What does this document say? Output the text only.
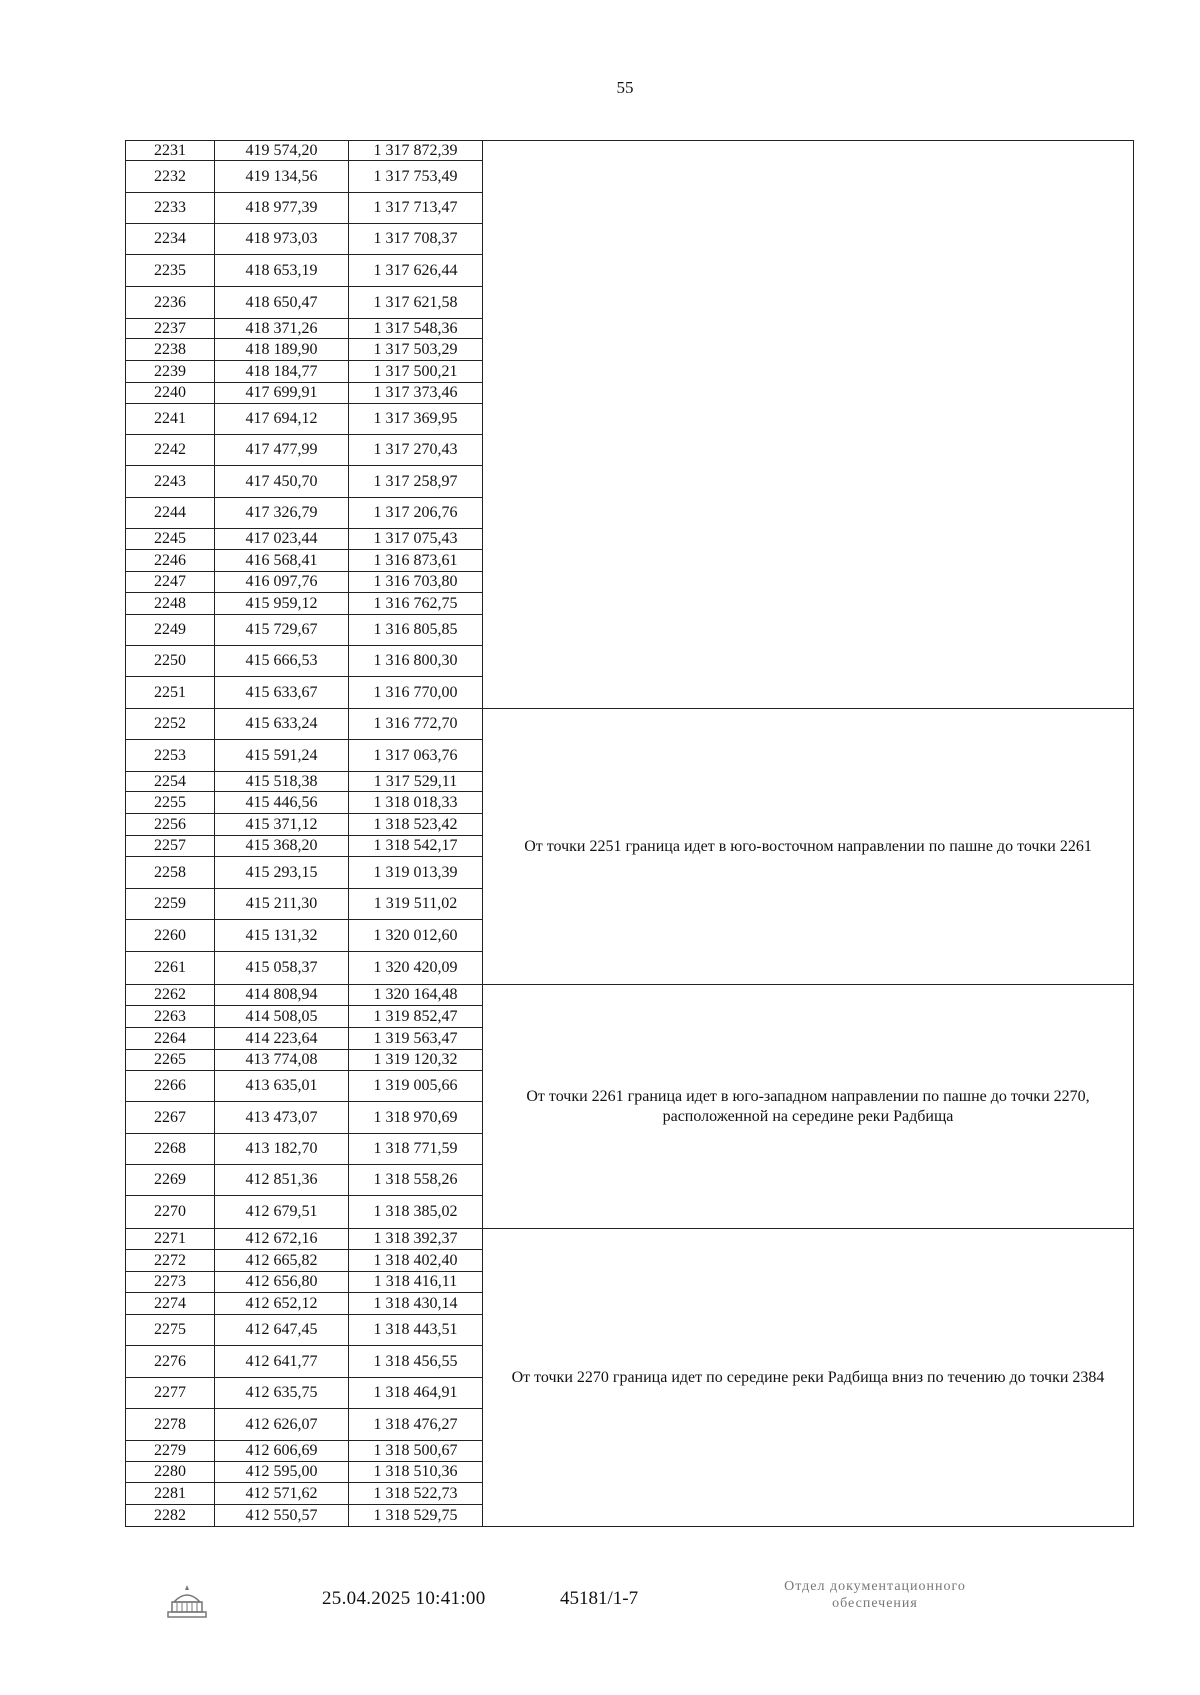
55
2231	419 574,20	1 317 872,39	
2232	419 134,56	1 317 753,49	
2233	418 977,39	1 317 713,47	
2234	418 973,03	1 317 708,37	
2235	418 653,19	1 317 626,44	
2236	418 650,47	1 317 621,58	
2237	418 371,26	1 317 548,36	
2238	418 189,90	1 317 503,29	
2239	418 184,77	1 317 500,21	
2240	417 699,91	1 317 373,46	
2241	417 694,12	1 317 369,95	
2242	417 477,99	1 317 270,43	
2243	417 450,70	1 317 258,97	
2244	417 326,79	1 317 206,76	
2245	417 023,44	1 317 075,43	
2246	416 568,41	1 316 873,61	
2247	416 097,76	1 316 703,80	
2248	415 959,12	1 316 762,75	
2249	415 729,67	1 316 805,85	
2250	415 666,53	1 316 800,30	
2251	415 633,67	1 316 770,00	
2252	415 633,24	1 316 772,70	От точки 2251 граница идет в юго-восточном направлении по пашне до точки 2261
2253	415 591,24	1 317 063,76	
2254	415 518,38	1 317 529,11	
2255	415 446,56	1 318 018,33	
2256	415 371,12	1 318 523,42	
2257	415 368,20	1 318 542,17	
2258	415 293,15	1 319 013,39	
2259	415 211,30	1 319 511,02	
2260	415 131,32	1 320 012,60	
2261	415 058,37	1 320 420,09	
2262	414 808,94	1 320 164,48	От точки 2261 граница идет в юго-западном направлении по пашне до точки 2270, расположенной на середине реки Радбища
2263	414 508,05	1 319 852,47	
2264	414 223,64	1 319 563,47	
2265	413 774,08	1 319 120,32	
2266	413 635,01	1 319 005,66	
2267	413 473,07	1 318 970,69	
2268	413 182,70	1 318 771,59	
2269	412 851,36	1 318 558,26	
2270	412 679,51	1 318 385,02	
2271	412 672,16	1 318 392,37	От точки 2270 граница идет по середине реки Радбища вниз по течению до точки 2384
2272	412 665,82	1 318 402,40	
2273	412 656,80	1 318 416,11	
2274	412 652,12	1 318 430,14	
2275	412 647,45	1 318 443,51	
2276	412 641,77	1 318 456,55	
2277	412 635,75	1 318 464,91	
2278	412 626,07	1 318 476,27	
2279	412 606,69	1 318 500,67	
2280	412 595,00	1 318 510,36	
2281	412 571,62	1 318 522,73	
2282	412 550,57	1 318 529,75	
25.04.2025 10:41:00	45181/1-7
Отдел документационного
обеспечения
